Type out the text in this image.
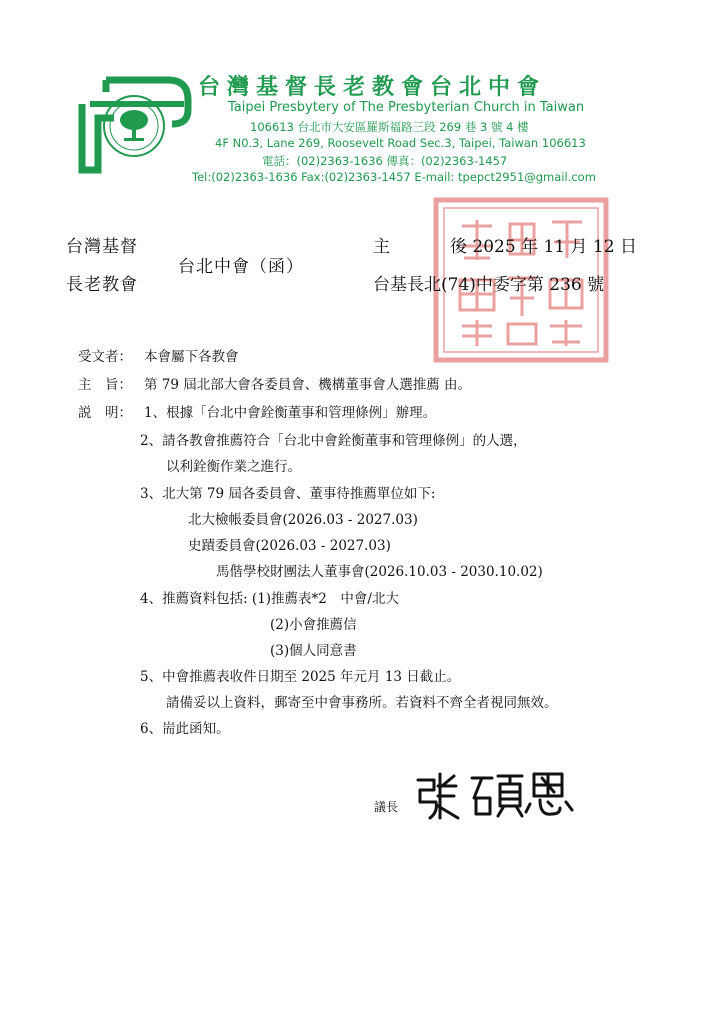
台灣基督長老教會台北中會
Taipei Presbytery of The Presbyterian Church in Taiwan
106613 台北市大安區羅斯福路三段 269 巷 3 號 4 樓
4F N0.3, Lane 269, Roosevelt Road Sec.3, Taipei, Taiwan 106613
電話：(02)2363-1636 傳真：(02)2363-1457
Tel:(02)2363-1636 Fax:(02)2363-1457 E-mail: tpepct2951@gmail.com
台灣基督
長老教會
台北中會（函）
主	後 2025 年 11 月 12 日
台基長北(74)中委字第 236 號
受文者： 本會屬下各教會
主　旨： 第 79 屆北部大會各委員會、機構董事會人選推薦 由。
説　明： 1、根據「台北中會銓衡董事和管理條例」辦理。
2、請各教會推薦符合「台北中會銓衡董事和管理條例」的人選，
以利銓衡作業之進行。
3、北大第 79 屆各委員會、董事待推薦單位如下:
北大檢帳委員會(2026.03 - 2027.03)
史蹟委員會(2026.03 - 2027.03)
馬偕學校財團法人董事會(2026.10.03 - 2030.10.02)
4、推薦資料包括: (1)推薦表*2　中會/北大
(2)小會推薦信
(3)個人同意書
5、中會推薦表收件日期至 2025 年元月 13 日截止。
請備妥以上資料，郵寄至中會事務所。若資料不齊全者視同無效。
6、耑此函知。
議長
